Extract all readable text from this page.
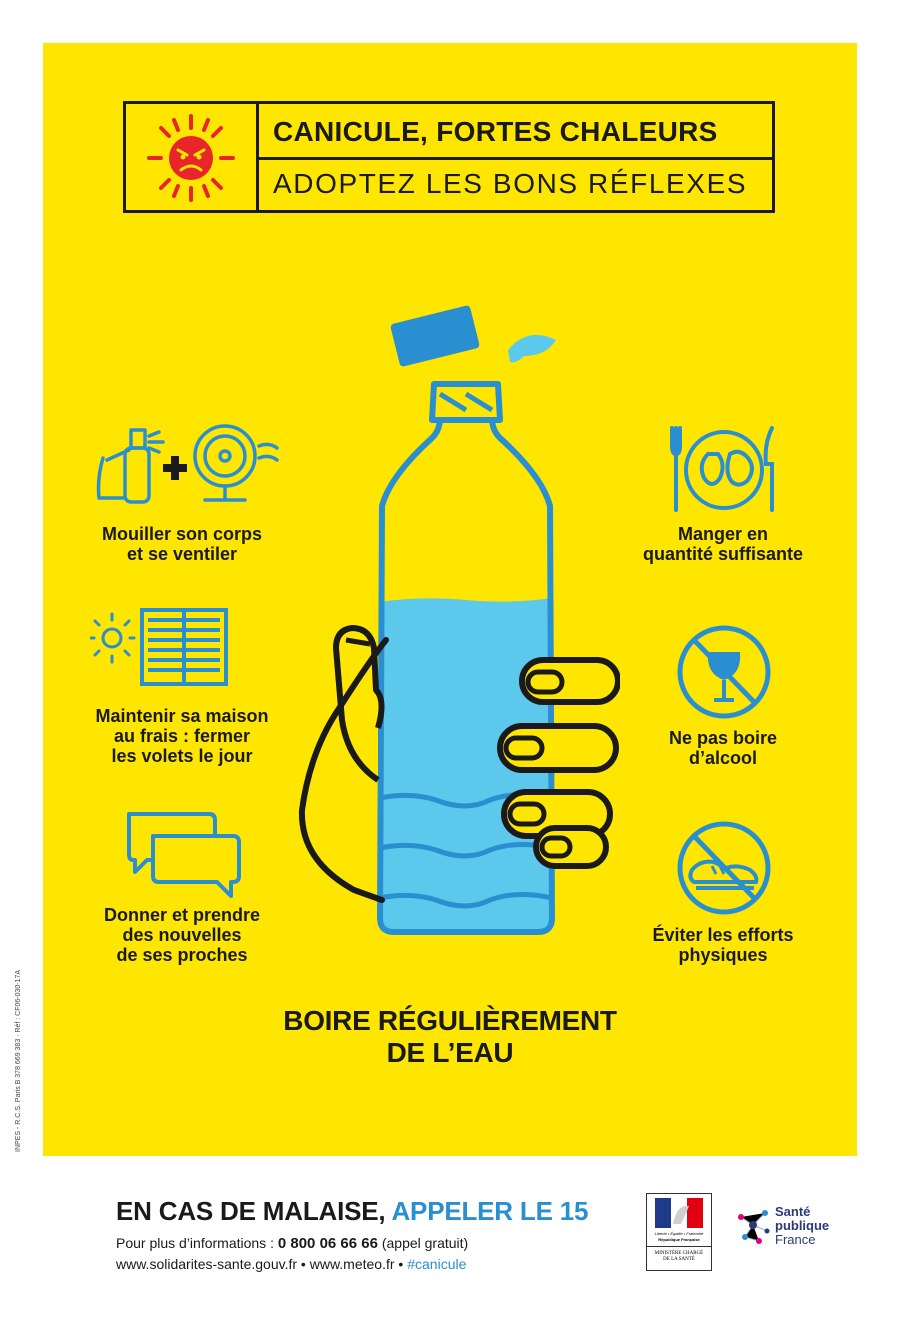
CANICULE, FORTES CHALEURS
ADOPTEZ LES BONS RÉFLEXES
Mouiller son corps
et se ventiler
Maintenir sa maison
au frais : fermer
les volets le jour
Donner et prendre
des nouvelles
de ses proches
Manger en
quantité suffisante
Ne pas boire
d’alcool
Éviter les efforts
physiques
BOIRE RÉGULIÈREMENT
DE L’EAU
INPES - R.C.S. Paris B 378 669 383 · Réf : CF06-030-17A
EN CAS DE MALAISE, APPELER LE 15
Pour plus d’informations : 0 800 06 66 66 (appel gratuit)
www.solidarites-sante.gouv.fr • www.meteo.fr • #canicule
Liberté • Égalité • Fraternité
République Française
MINISTÈRE CHARGÉ DE LA SANTÉ
Santé
publique
France
